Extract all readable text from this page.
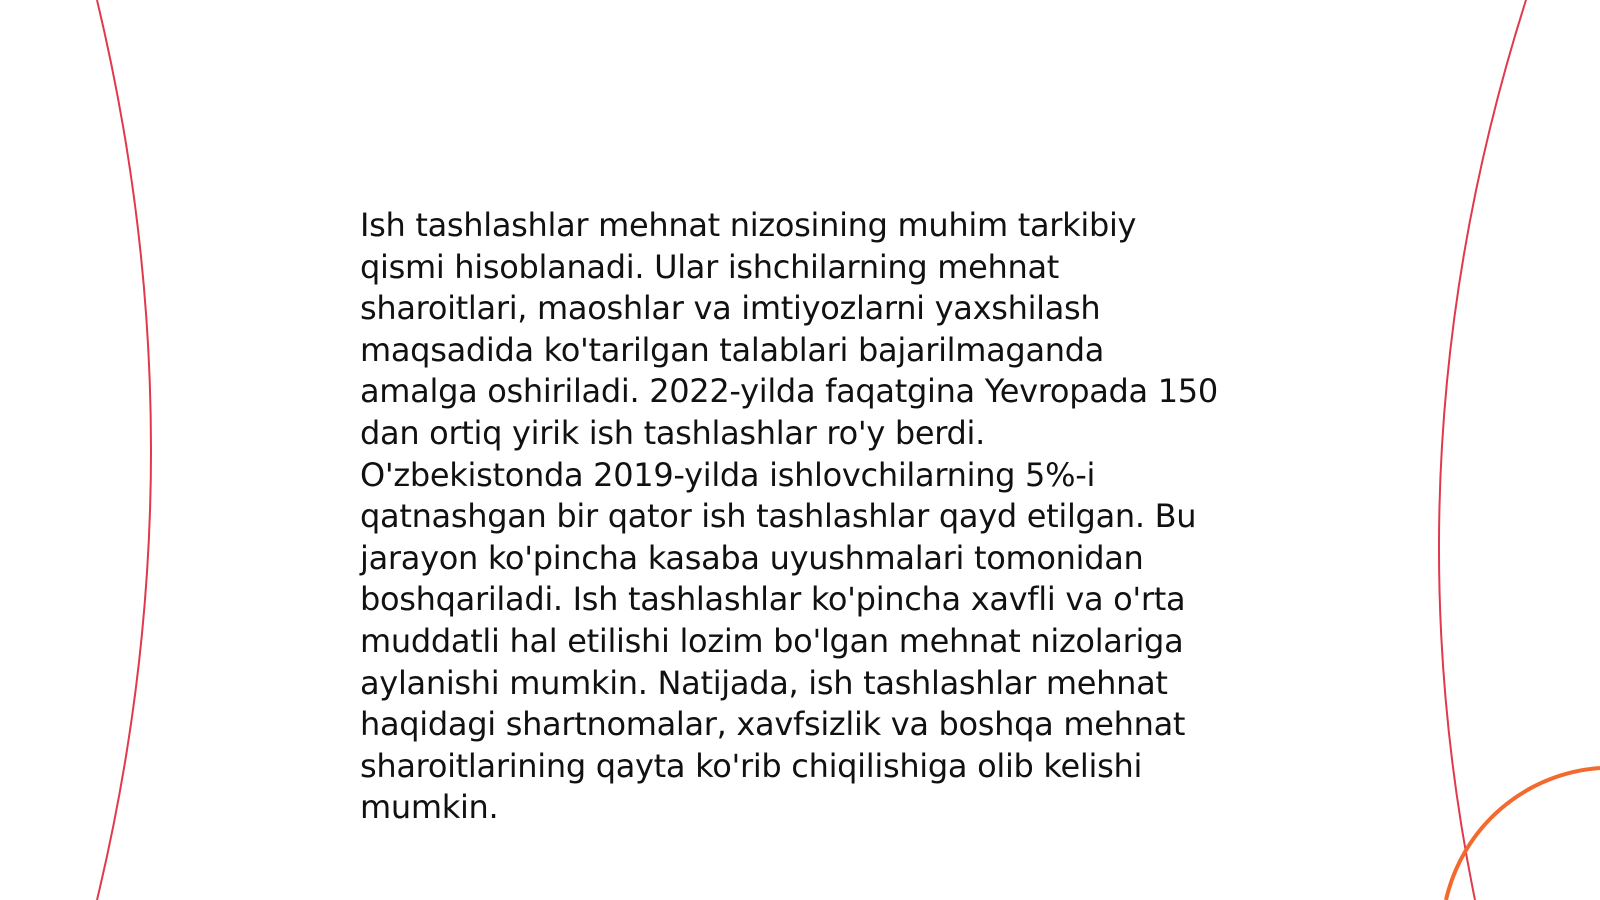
Ish tashlashlar mehnat nizosining muhim tarkibiy
qismi hisoblanadi. Ular ishchilarning mehnat
sharoitlari, maoshlar va imtiyozlarni yaxshilash
maqsadida ko'tarilgan talablari bajarilmaganda
amalga oshiriladi. 2022-yilda faqatgina Yevropada 150
dan ortiq yirik ish tashlashlar ro'y berdi.
O'zbekistonda 2019-yilda ishlovchilarning 5%-i
qatnashgan bir qator ish tashlashlar qayd etilgan. Bu
jarayon ko'pincha kasaba uyushmalari tomonidan
boshqariladi. Ish tashlashlar ko'pincha xavfli va o'rta
muddatli hal etilishi lozim bo'lgan mehnat nizolariga
aylanishi mumkin. Natijada, ish tashlashlar mehnat
haqidagi shartnomalar, xavfsizlik va boshqa mehnat
sharoitlarining qayta ko'rib chiqilishiga olib kelishi
mumkin.
